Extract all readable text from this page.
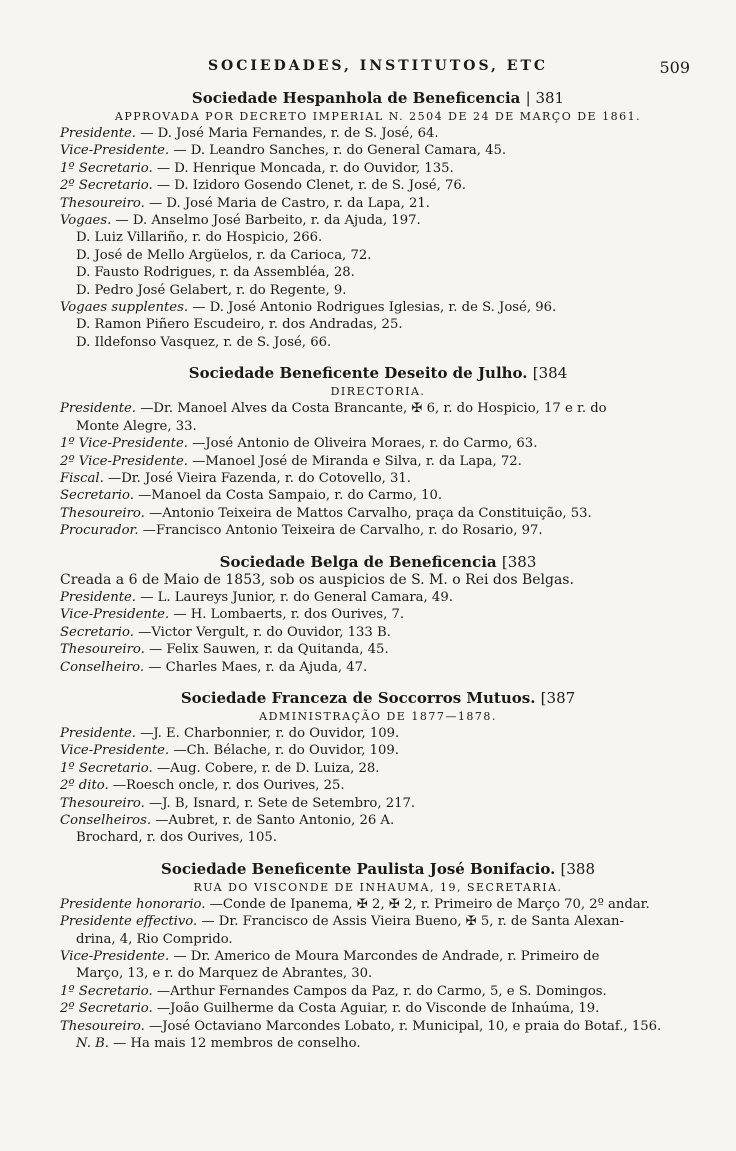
SOCIEDADES, INSTITUTOS, ETC	509
Sociedade Hespanhola de Beneficencia | 381
APPROVADA POR DECRETO IMPERIAL N. 2504 DE 24 DE MARÇO DE 1861.
Presidente. — D. José Maria Fernandes, r. de S. José, 64.
Vice-Presidente. — D. Leandro Sanches, r. do General Camara, 45.
1º Secretario. — D. Henrique Moncada, r. do Ouvidor, 135.
2º Secretario. — D. Izidoro Gosendo Clenet, r. de S. José, 76.
Thesoureiro. — D. José Maria de Castro, r. da Lapa, 21.
Vogaes. — D. Anselmo José Barbeito, r. da Ajuda, 197.
D. Luiz Villariño, r. do Hospicio, 266.
D. José de Mello Argüelos, r. da Carioca, 72.
D. Fausto Rodrigues, r. da Assembléa, 28.
D. Pedro José Gelabert, r. do Regente, 9.
Vogaes supplentes. — D. José Antonio Rodrigues Iglesias, r. de S. José, 96.
D. Ramon Piñero Escudeiro, r. dos Andradas, 25.
D. Ildefonso Vasquez, r. de S. José, 66.
Sociedade Beneficente Deseito de Julho. [384
DIRECTORIA.
Presidente. —Dr. Manoel Alves da Costa Brancante, ✠ 6, r. do Hospicio, 17 e r. do
Monte Alegre, 33.
1º Vice-Presidente. —José Antonio de Oliveira Moraes, r. do Carmo, 63.
2º Vice-Presidente. —Manoel José de Miranda e Silva, r. da Lapa, 72.
Fiscal. —Dr. José Vieira Fazenda, r. do Cotovello, 31.
Secretario. —Manoel da Costa Sampaio, r. do Carmo, 10.
Thesoureiro. —Antonio Teixeira de Mattos Carvalho, praça da Constituição, 53.
Procurador. —Francisco Antonio Teixeira de Carvalho, r. do Rosario, 97.
Sociedade Belga de Beneficencia [383
Creada a 6 de Maio de 1853, sob os auspicios de S. M. o Rei dos Belgas.
Presidente. — L. Laureys Junior, r. do General Camara, 49.
Vice-Presidente. — H. Lombaerts, r. dos Ourives, 7.
Secretario. —Victor Vergult, r. do Ouvidor, 133 B.
Thesoureiro. — Felix Sauwen, r. da Quitanda, 45.
Conselheiro. — Charles Maes, r. da Ajuda, 47.
Sociedade Franceza de Soccorros Mutuos. [387
ADMINISTRAÇÃO DE 1877—1878.
Presidente. —J. E. Charbonnier, r. do Ouvidor, 109.
Vice-Presidente. —Ch. Bélache, r. do Ouvidor, 109.
1º Secretario. —Aug. Cobere, r. de D. Luiza, 28.
2º dito. —Roesch oncle, r. dos Ourives, 25.
Thesoureiro. —J. B, Isnard, r. Sete de Setembro, 217.
Conselheiros. —Aubret, r. de Santo Antonio, 26 A.
Brochard, r. dos Ourives, 105.
Sociedade Beneficente Paulista José Bonifacio. [388
RUA DO VISCONDE DE INHAUMA, 19, SECRETARIA.
Presidente honorario. —Conde de Ipanema, ✠ 2, ✠ 2, r. Primeiro de Março 70, 2º andar.
Presidente effectivo. — Dr. Francisco de Assis Vieira Bueno, ✠ 5, r. de Santa Alexan-
drina, 4, Rio Comprido.
Vice-Presidente. — Dr. Americo de Moura Marcondes de Andrade, r. Primeiro de
Março, 13, e r. do Marquez de Abrantes, 30.
1º Secretario. —Arthur Fernandes Campos da Paz, r. do Carmo, 5, e S. Domingos.
2º Secretario. —João Guilherme da Costa Aguiar, r. do Visconde de Inhaúma, 19.
Thesoureiro. —José Octaviano Marcondes Lobato, r. Municipal, 10, e praia do Botaf., 156.
N. B. — Ha mais 12 membros de conselho.
